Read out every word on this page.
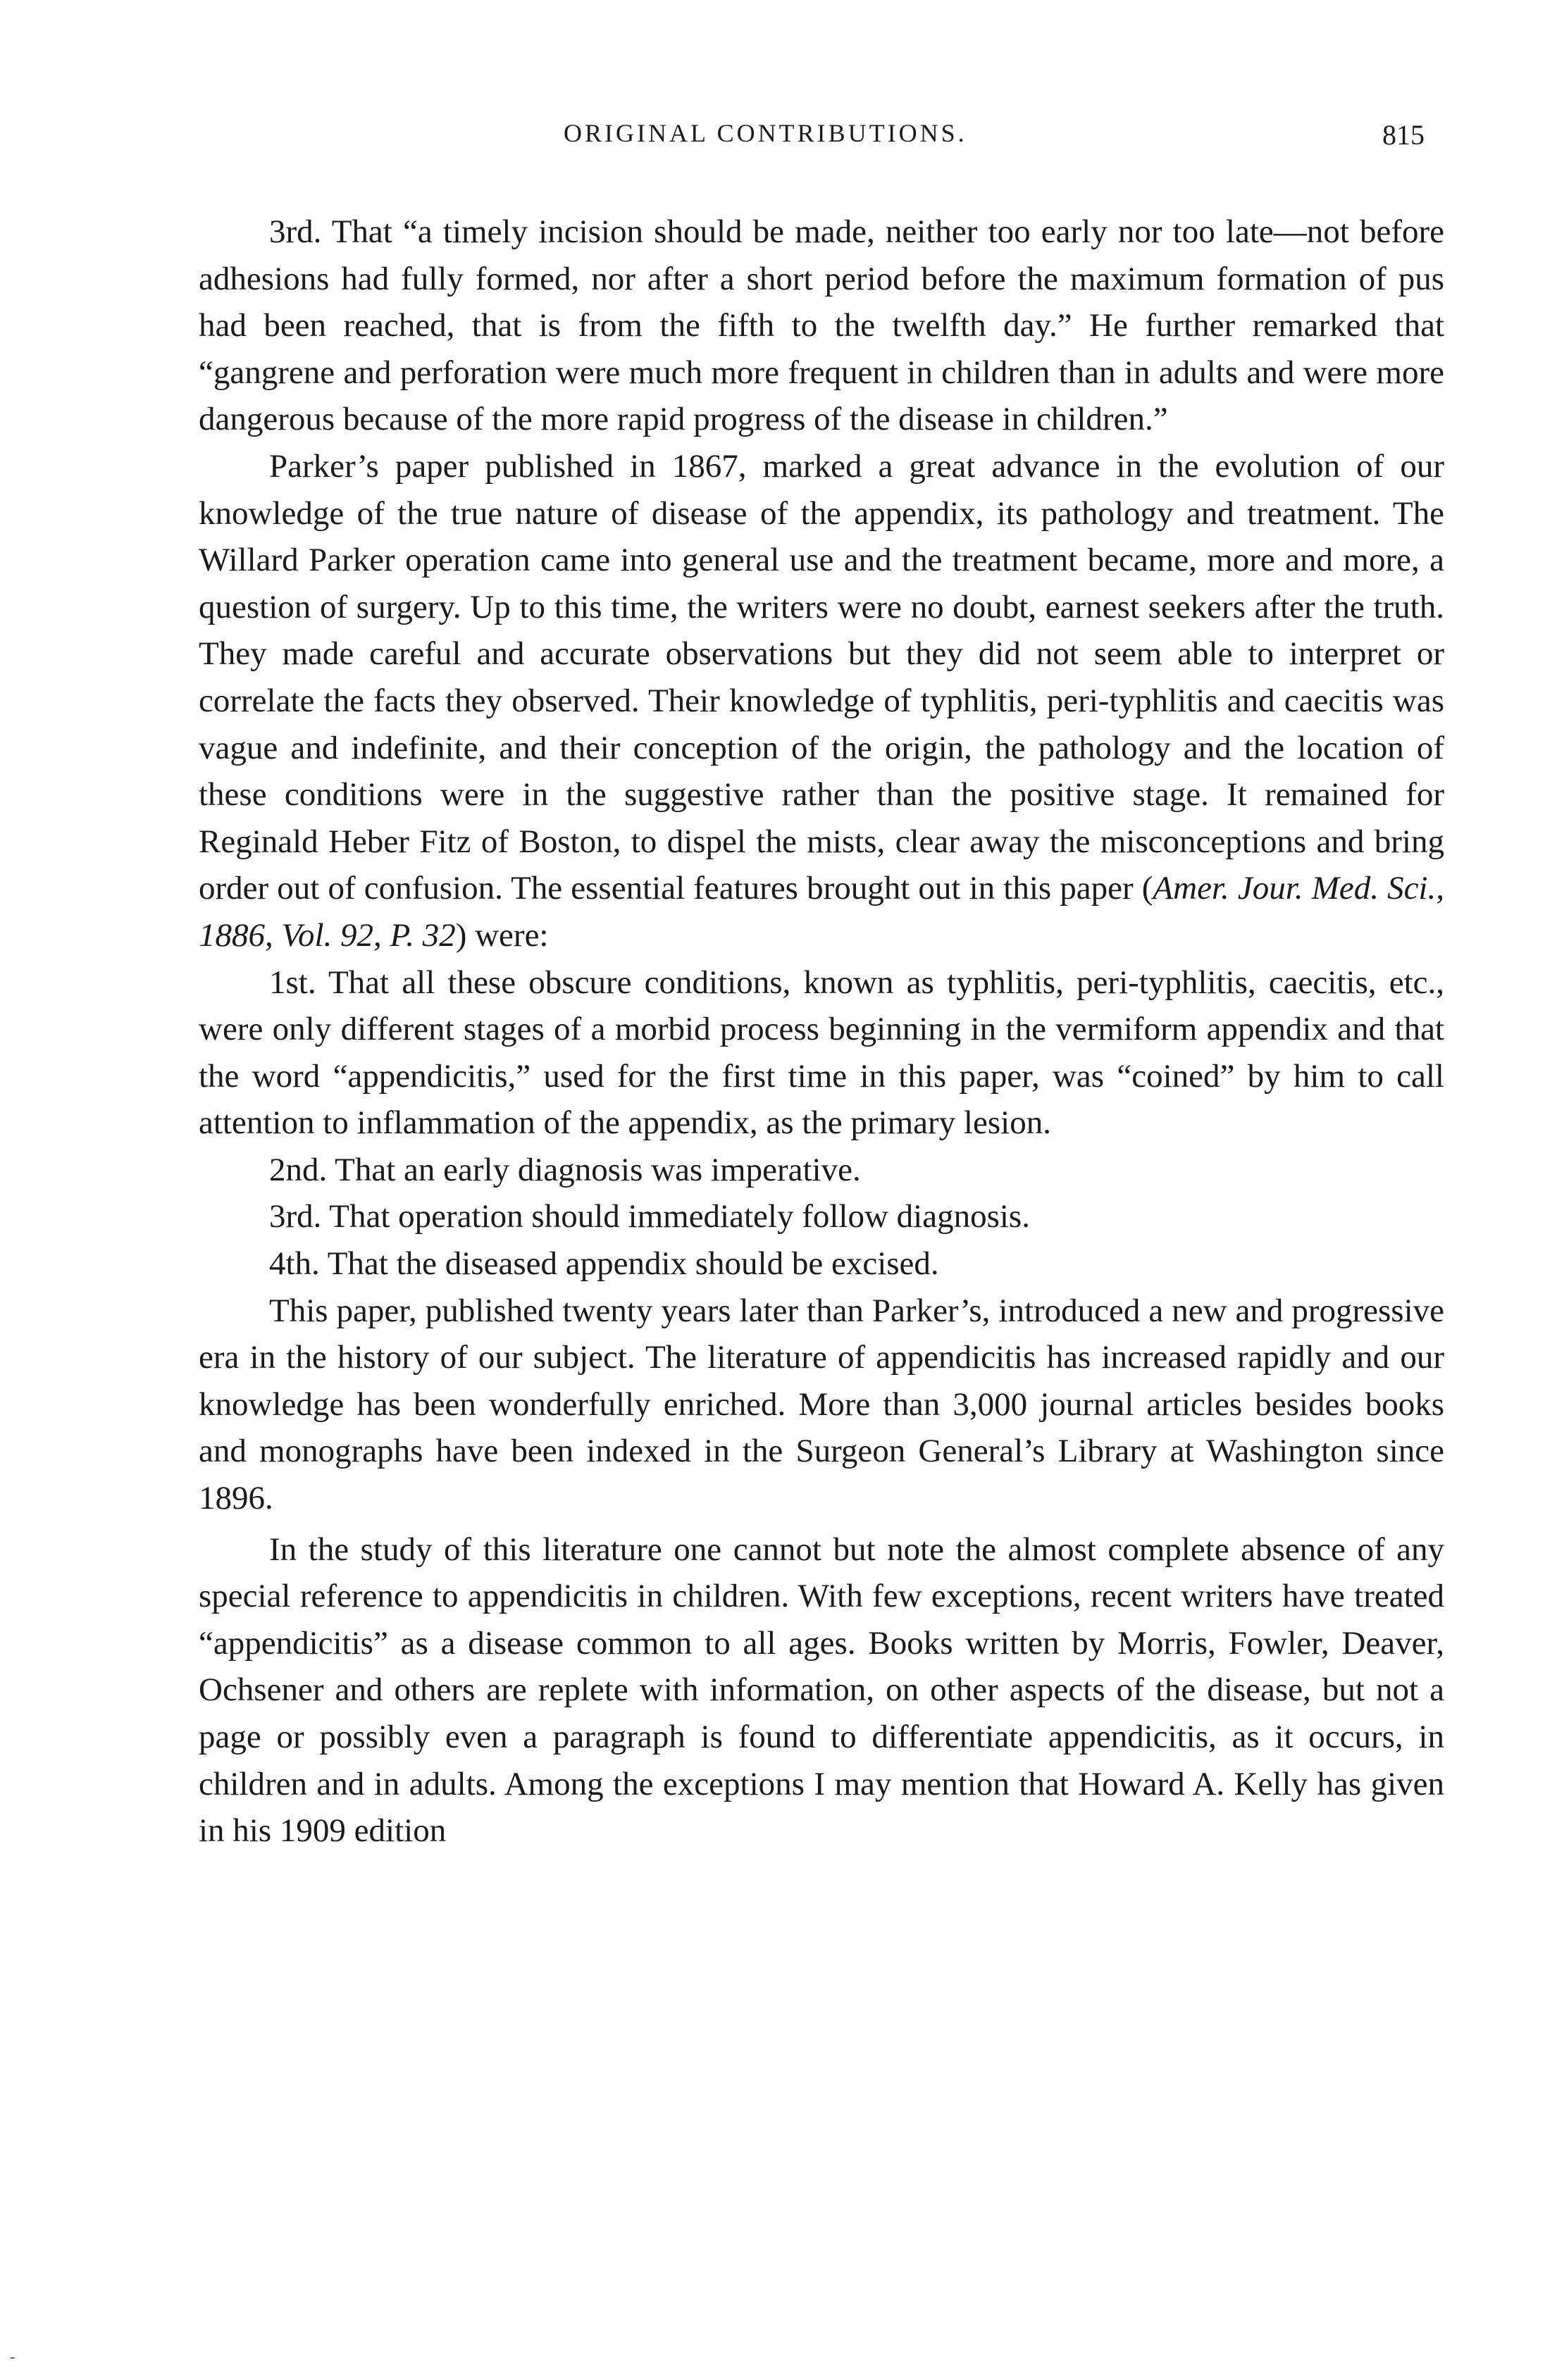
ORIGINAL CONTRIBUTIONS.	815

3rd. That “a timely incision should be made, neither too early nor too late—not before adhesions had fully formed, nor after a short period before the maximum formation of pus had been reached, that is from the fifth to the twelfth day.” He further remarked that “gangrene and perforation were much more frequent in children than in adults and were more dangerous because of the more rapid progress of the disease in children.”

Parker’s paper published in 1867, marked a great advance in the evolution of our knowledge of the true nature of disease of the appendix, its pathology and treatment. The Willard Parker operation came into general use and the treatment became, more and more, a question of surgery. Up to this time, the writers were no doubt, earnest seekers after the truth. They made careful and accurate observations but they did not seem able to interpret or correlate the facts they observed. Their knowledge of typhlitis, peri-typhlitis and caecitis was vague and indefinite, and their conception of the origin, the pathology and the location of these conditions were in the suggestive rather than the positive stage. It remained for Reginald Heber Fitz of Boston, to dispel the mists, clear away the misconceptions and bring order out of confusion. The essential features brought out in this paper (Amer. Jour. Med. Sci., 1886, Vol. 92, P. 32) were:

1st. That all these obscure conditions, known as typhlitis, peri-typhlitis, caecitis, etc., were only different stages of a morbid process beginning in the vermiform appendix and that the word “appendicitis,” used for the first time in this paper, was “coined” by him to call attention to inflammation of the appendix, as the primary lesion.

2nd. That an early diagnosis was imperative.

3rd. That operation should immediately follow diagnosis.

4th. That the diseased appendix should be excised.

This paper, published twenty years later than Parker’s, introduced a new and progressive era in the history of our subject. The literature of appendicitis has increased rapidly and our knowledge has been wonderfully enriched. More than 3,000 journal articles besides books and monographs have been indexed in the Surgeon General’s Library at Washington since 1896.

In the study of this literature one cannot but note the almost complete absence of any special reference to appendicitis in children. With few exceptions, recent writers have treated “appendicitis” as a disease common to all ages. Books written by Morris, Fowler, Deaver, Ochsener and others are replete with information, on other aspects of the disease, but not a page or possibly even a paragraph is found to differentiate appendicitis, as it occurs, in children and in adults. Among the exceptions I may mention that Howard A. Kelly has given in his 1909 edition

-
